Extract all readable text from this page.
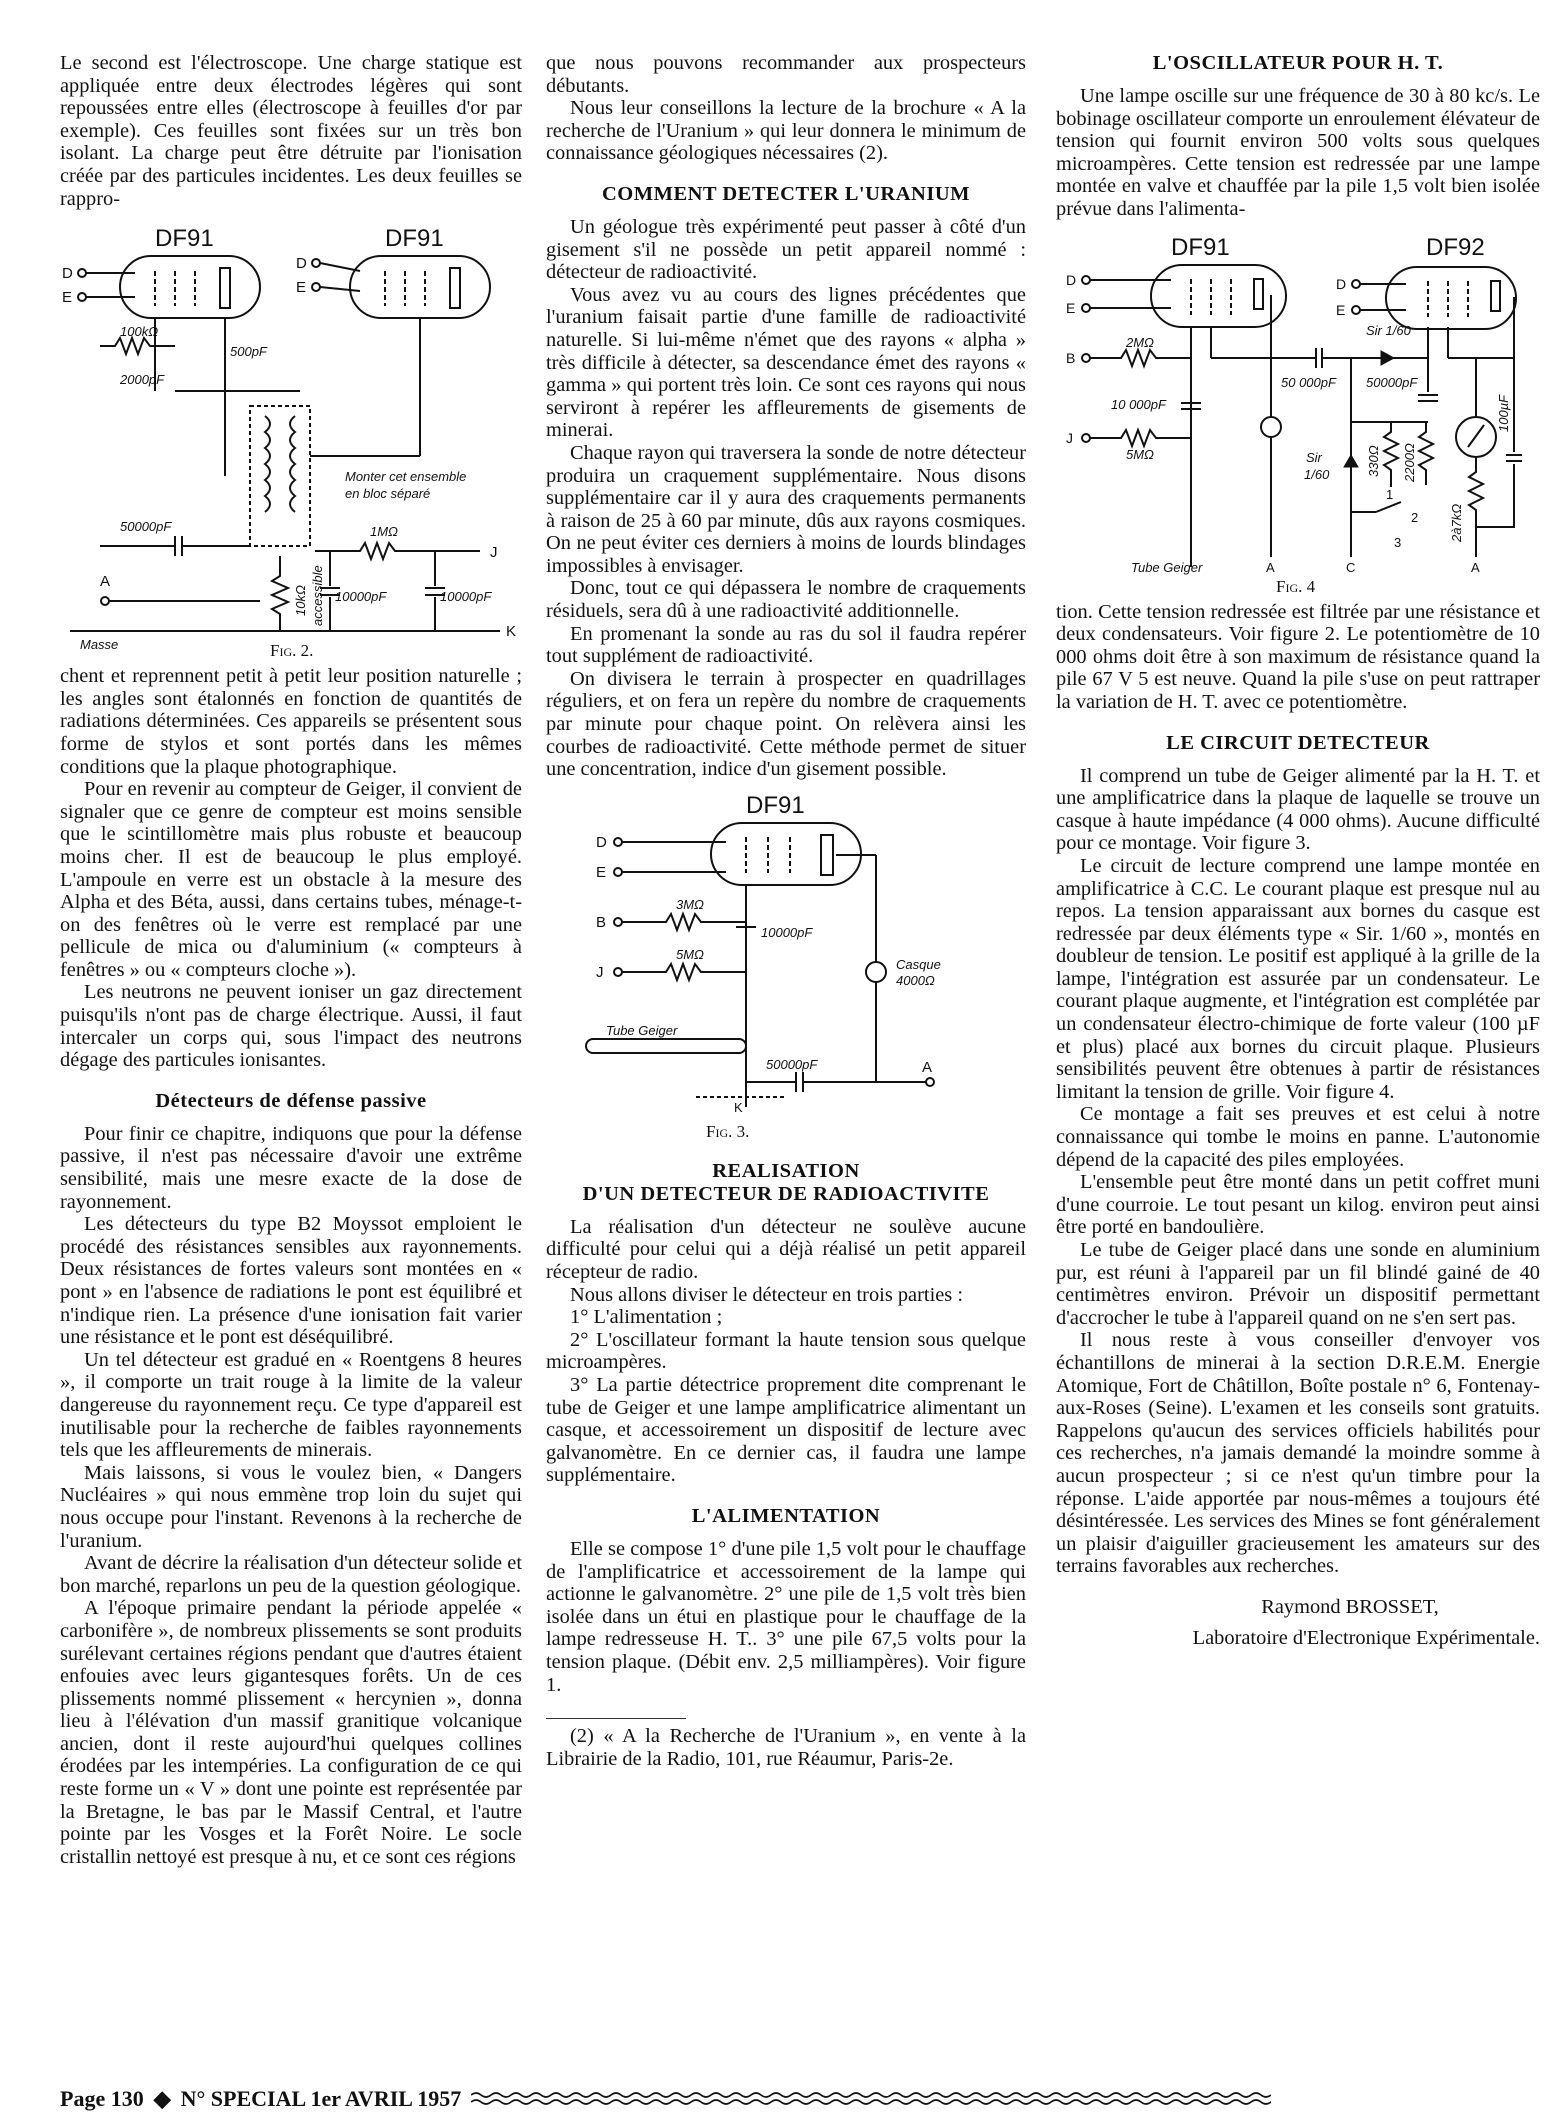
Le second est l'électroscope. Une charge statique est appliquée entre deux électrodes légères qui sont repoussées entre elles (électroscope à feuilles d'or par exemple). Ces feuilles sont fixées sur un très bon isolant. La charge peut être détruite par l'ionisation créée par des particules incidentes. Les deux feuilles se rappro-

DF91	DF91
D
E
D
E
100kΩ
2000pF
500pF
Monter cet ensemble
en bloc séparé
50000pF	1MΩ
J
A
10kΩ accessible 10000pF	10000pF
K
Masse	Fig. 2.

chent et reprennent petit à petit leur position naturelle ; les angles sont étalonnés en fonction de quantités de radiations déterminées. Ces appareils se présentent sous forme de stylos et sont portés dans les mêmes conditions que la plaque photographique.

Pour en revenir au compteur de Geiger, il convient de signaler que ce genre de compteur est moins sensible que le scintillomètre mais plus robuste et beaucoup moins cher. Il est de beaucoup le plus employé. L'ampoule en verre est un obstacle à la mesure des Alpha et des Béta, aussi, dans certains tubes, ménage-t-on des fenêtres où le verre est remplacé par une pellicule de mica ou d'aluminium (« compteurs à fenêtres » ou « compteurs cloche »).

Les neutrons ne peuvent ioniser un gaz directement puisqu'ils n'ont pas de charge électrique. Aussi, il faut intercaler un corps qui, sous l'impact des neutrons dégage des particules ionisantes.

Détecteurs de défense passive

Pour finir ce chapitre, indiquons que pour la défense passive, il n'est pas nécessaire d'avoir une extrême sensibilité, mais une mesre exacte de la dose de rayonnement.

Les détecteurs du type B2 Moyssot emploient le procédé des résistances sensibles aux rayonnements. Deux résistances de fortes valeurs sont montées en « pont » en l'absence de radiations le pont est équilibré et n'indique rien. La présence d'une ionisation fait varier une résistance et le pont est déséquilibré.

Un tel détecteur est gradué en « Roentgens 8 heures », il comporte un trait rouge à la limite de la valeur dangereuse du rayonnement reçu. Ce type d'appareil est inutilisable pour la recherche de faibles rayonnements tels que les affleurements de minerais.

Mais laissons, si vous le voulez bien, « Dangers Nucléaires » qui nous emmène trop loin du sujet qui nous occupe pour l'instant. Revenons à la recherche de l'uranium.

Avant de décrire la réalisation d'un détecteur solide et bon marché, reparlons un peu de la question géologique.

A l'époque primaire pendant la période appelée « carbonifère », de nombreux plissements se sont produits surélevant certaines régions pendant que d'autres étaient enfouies avec leurs gigantesques forêts. Un de ces plissements nommé plissement « hercynien », donna lieu à l'élévation d'un massif granitique volcanique ancien, dont il reste aujourd'hui quelques collines érodées par les intempéries. La configuration de ce qui reste forme un « V » dont une pointe est représentée par la Bretagne, le bas par le Massif Central, et l'autre pointe par les Vosges et la Forêt Noire. Le socle cristallin nettoyé est presque à nu, et ce sont ces régions

que nous pouvons recommander aux prospecteurs débutants.

Nous leur conseillons la lecture de la brochure « A la recherche de l'Uranium » qui leur donnera le minimum de connaissance géologiques nécessaires (2).

COMMENT DETECTER L'URANIUM

Un géologue très expérimenté peut passer à côté d'un gisement s'il ne possède un petit appareil nommé : détecteur de radioactivité.

Vous avez vu au cours des lignes précédentes que l'uranium faisait partie d'une famille de radioactivité naturelle. Si lui-même n'émet que des rayons « alpha » très difficile à détecter, sa descendance émet des rayons « gamma » qui portent très loin. Ce sont ces rayons qui nous serviront à repérer les affleurements de gisements de minerai.

Chaque rayon qui traversera la sonde de notre détecteur produira un craquement supplémentaire. Nous disons supplémentaire car il y aura des craquements permanents à raison de 25 à 60 par minute, dûs aux rayons cosmiques. On ne peut éviter ces derniers à moins de lourds blindages impossibles à envisager.

Donc, tout ce qui dépassera le nombre de craquements résiduels, sera dû à une radioactivité additionnelle.

En promenant la sonde au ras du sol il faudra repérer tout supplément de radioactivité.

On divisera le terrain à prospecter en quadrillages réguliers, et on fera un repère du nombre de craquements par minute pour chaque point. On relèvera ainsi les courbes de radioactivité. Cette méthode permet de situer une concentration, indice d'un gisement possible.

DF91
D
E
B
J
3MΩ
5MΩ
10000pF
Casque
4000Ω
Tube Geiger
50000pF	A
K
Fig. 3.
REALISATION
D'UN DETECTEUR DE RADIOACTIVITE

La réalisation d'un détecteur ne soulève aucune difficulté pour celui qui a déjà réalisé un petit appareil récepteur de radio.

Nous allons diviser le détecteur en trois parties :

1° L'alimentation ;

2° L'oscillateur formant la haute tension sous quelque microampères.

3° La partie détectrice proprement dite comprenant le tube de Geiger et une lampe amplificatrice alimentant un casque, et accessoirement un dispositif de lecture avec galvanomètre. En ce dernier cas, il faudra une lampe supplémentaire.

L'ALIMENTATION

Elle se compose 1° d'une pile 1,5 volt pour le chauffage de l'amplificatrice et accessoirement de la lampe qui actionne le galvanomètre. 2° une pile de 1,5 volt très bien isolée dans un étui en plastique pour le chauffage de la lampe redresseuse H. T.. 3° une pile 67,5 volts pour la tension plaque. (Débit env. 2,5 milliampères). Voir figure 1.

(2) « A la Recherche de l'Uranium », en vente à la Librairie de la Radio, 101, rue Réaumur, Paris-2e.

L'OSCILLATEUR POUR H. T.

Une lampe oscille sur une fréquence de 30 à 80 kc/s. Le bobinage oscillateur comporte un enroulement élévateur de tension qui fournit environ 500 volts sous quelques microampères. Cette tension est redressée par une lampe montée en valve et chauffée par la pile 1,5 volt bien isolée prévue dans l'alimenta-

DF91	DF92
D
E
B
J
D
E
2MΩ
10 000pF
5MΩ
Tube Geiger	A
50 000pF
Sir 1/60
50000pF
Sir
1/60	330Ω 2200Ω
1
2
3
C
2à7kΩ
100µF
A
Fig. 4

tion. Cette tension redressée est filtrée par une résistance et deux condensateurs. Voir figure 2. Le potentiomètre de 10 000 ohms doit être à son maximum de résistance quand la pile 67 V 5 est neuve. Quand la pile s'use on peut rattraper la variation de H. T. avec ce potentiomètre.

LE CIRCUIT DETECTEUR

Il comprend un tube de Geiger alimenté par la H. T. et une amplificatrice dans la plaque de laquelle se trouve un casque à haute impédance (4 000 ohms). Aucune difficulté pour ce montage. Voir figure 3.

Le circuit de lecture comprend une lampe montée en amplificatrice à C.C. Le courant plaque est presque nul au repos. La tension apparaissant aux bornes du casque est redressée par deux éléments type « Sir. 1/60 », montés en doubleur de tension. Le positif est appliqué à la grille de la lampe, l'intégration est assurée par un condensateur. Le courant plaque augmente, et l'intégration est complétée par un condensateur électro-chimique de forte valeur (100 µF et plus) placé aux bornes du circuit plaque. Plusieurs sensibilités peuvent être obtenues à partir de résistances limitant la tension de grille. Voir figure 4.

Ce montage a fait ses preuves et est celui à notre connaissance qui tombe le moins en panne. L'autonomie dépend de la capacité des piles employées.

L'ensemble peut être monté dans un petit coffret muni d'une courroie. Le tout pesant un kilog. environ peut ainsi être porté en bandoulière.

Le tube de Geiger placé dans une sonde en aluminium pur, est réuni à l'appareil par un fil blindé gainé de 40 centimètres environ. Prévoir un dispositif permettant d'accrocher le tube à l'appareil quand on ne s'en sert pas.

Il nous reste à vous conseiller d'envoyer vos échantillons de minerai à la section D.R.E.M. Energie Atomique, Fort de Châtillon, Boîte postale n° 6, Fontenay-aux-Roses (Seine). L'examen et les conseils sont gratuits. Rappelons qu'aucun des services officiels habilités pour ces recherches, n'a jamais demandé la moindre somme à aucun prospecteur ; si ce n'est qu'un timbre pour la réponse. L'aide apportée par nous-mêmes a toujours été désintéressée. Les services des Mines se font généralement un plaisir d'aiguiller gracieusement les amateurs sur des terrains favorables aux recherches.

Raymond BROSSET,

Laboratoire d'Electronique Expérimentale.

Page 130 ◆ N° SPECIAL 1er AVRIL 1957
